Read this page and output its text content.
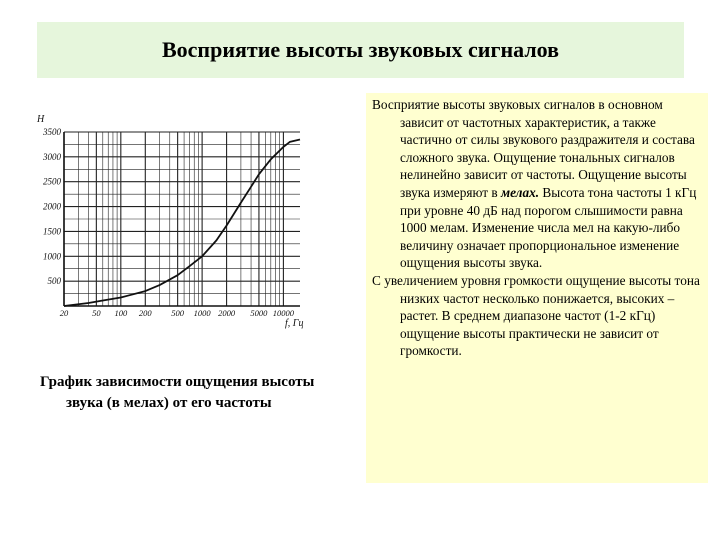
Восприятие высоты звуковых сигналов
500
1000
1500
2000
2500
3000
3500
20	50 100 200 500 1000 2000 5000 10000
Н
f, Гц

График зависимости ощущения высоты звука (в мелах) от его частоты

Восприятие высоты звуковых сигналов в основном зависит от частотных характеристик, а также частично от силы звукового раздражителя и состава сложного звука. Ощущение тональных сигналов нелинейно зависит от частоты. Ощущение высоты звука измеряют в мелах. Высота тона частоты 1 кГц при уровне 40 дБ над порогом слышимости равна 1000 мелам. Изменение числа мел на какую-либо величину означает пропорциональное изменение ощущения высоты звука.

С увеличением уровня громкости ощущение высоты тона низких частот несколько понижается, высоких – растет. В среднем диапазоне частот (1-2 кГц) ощущение высоты практически не зависит от громкости.
